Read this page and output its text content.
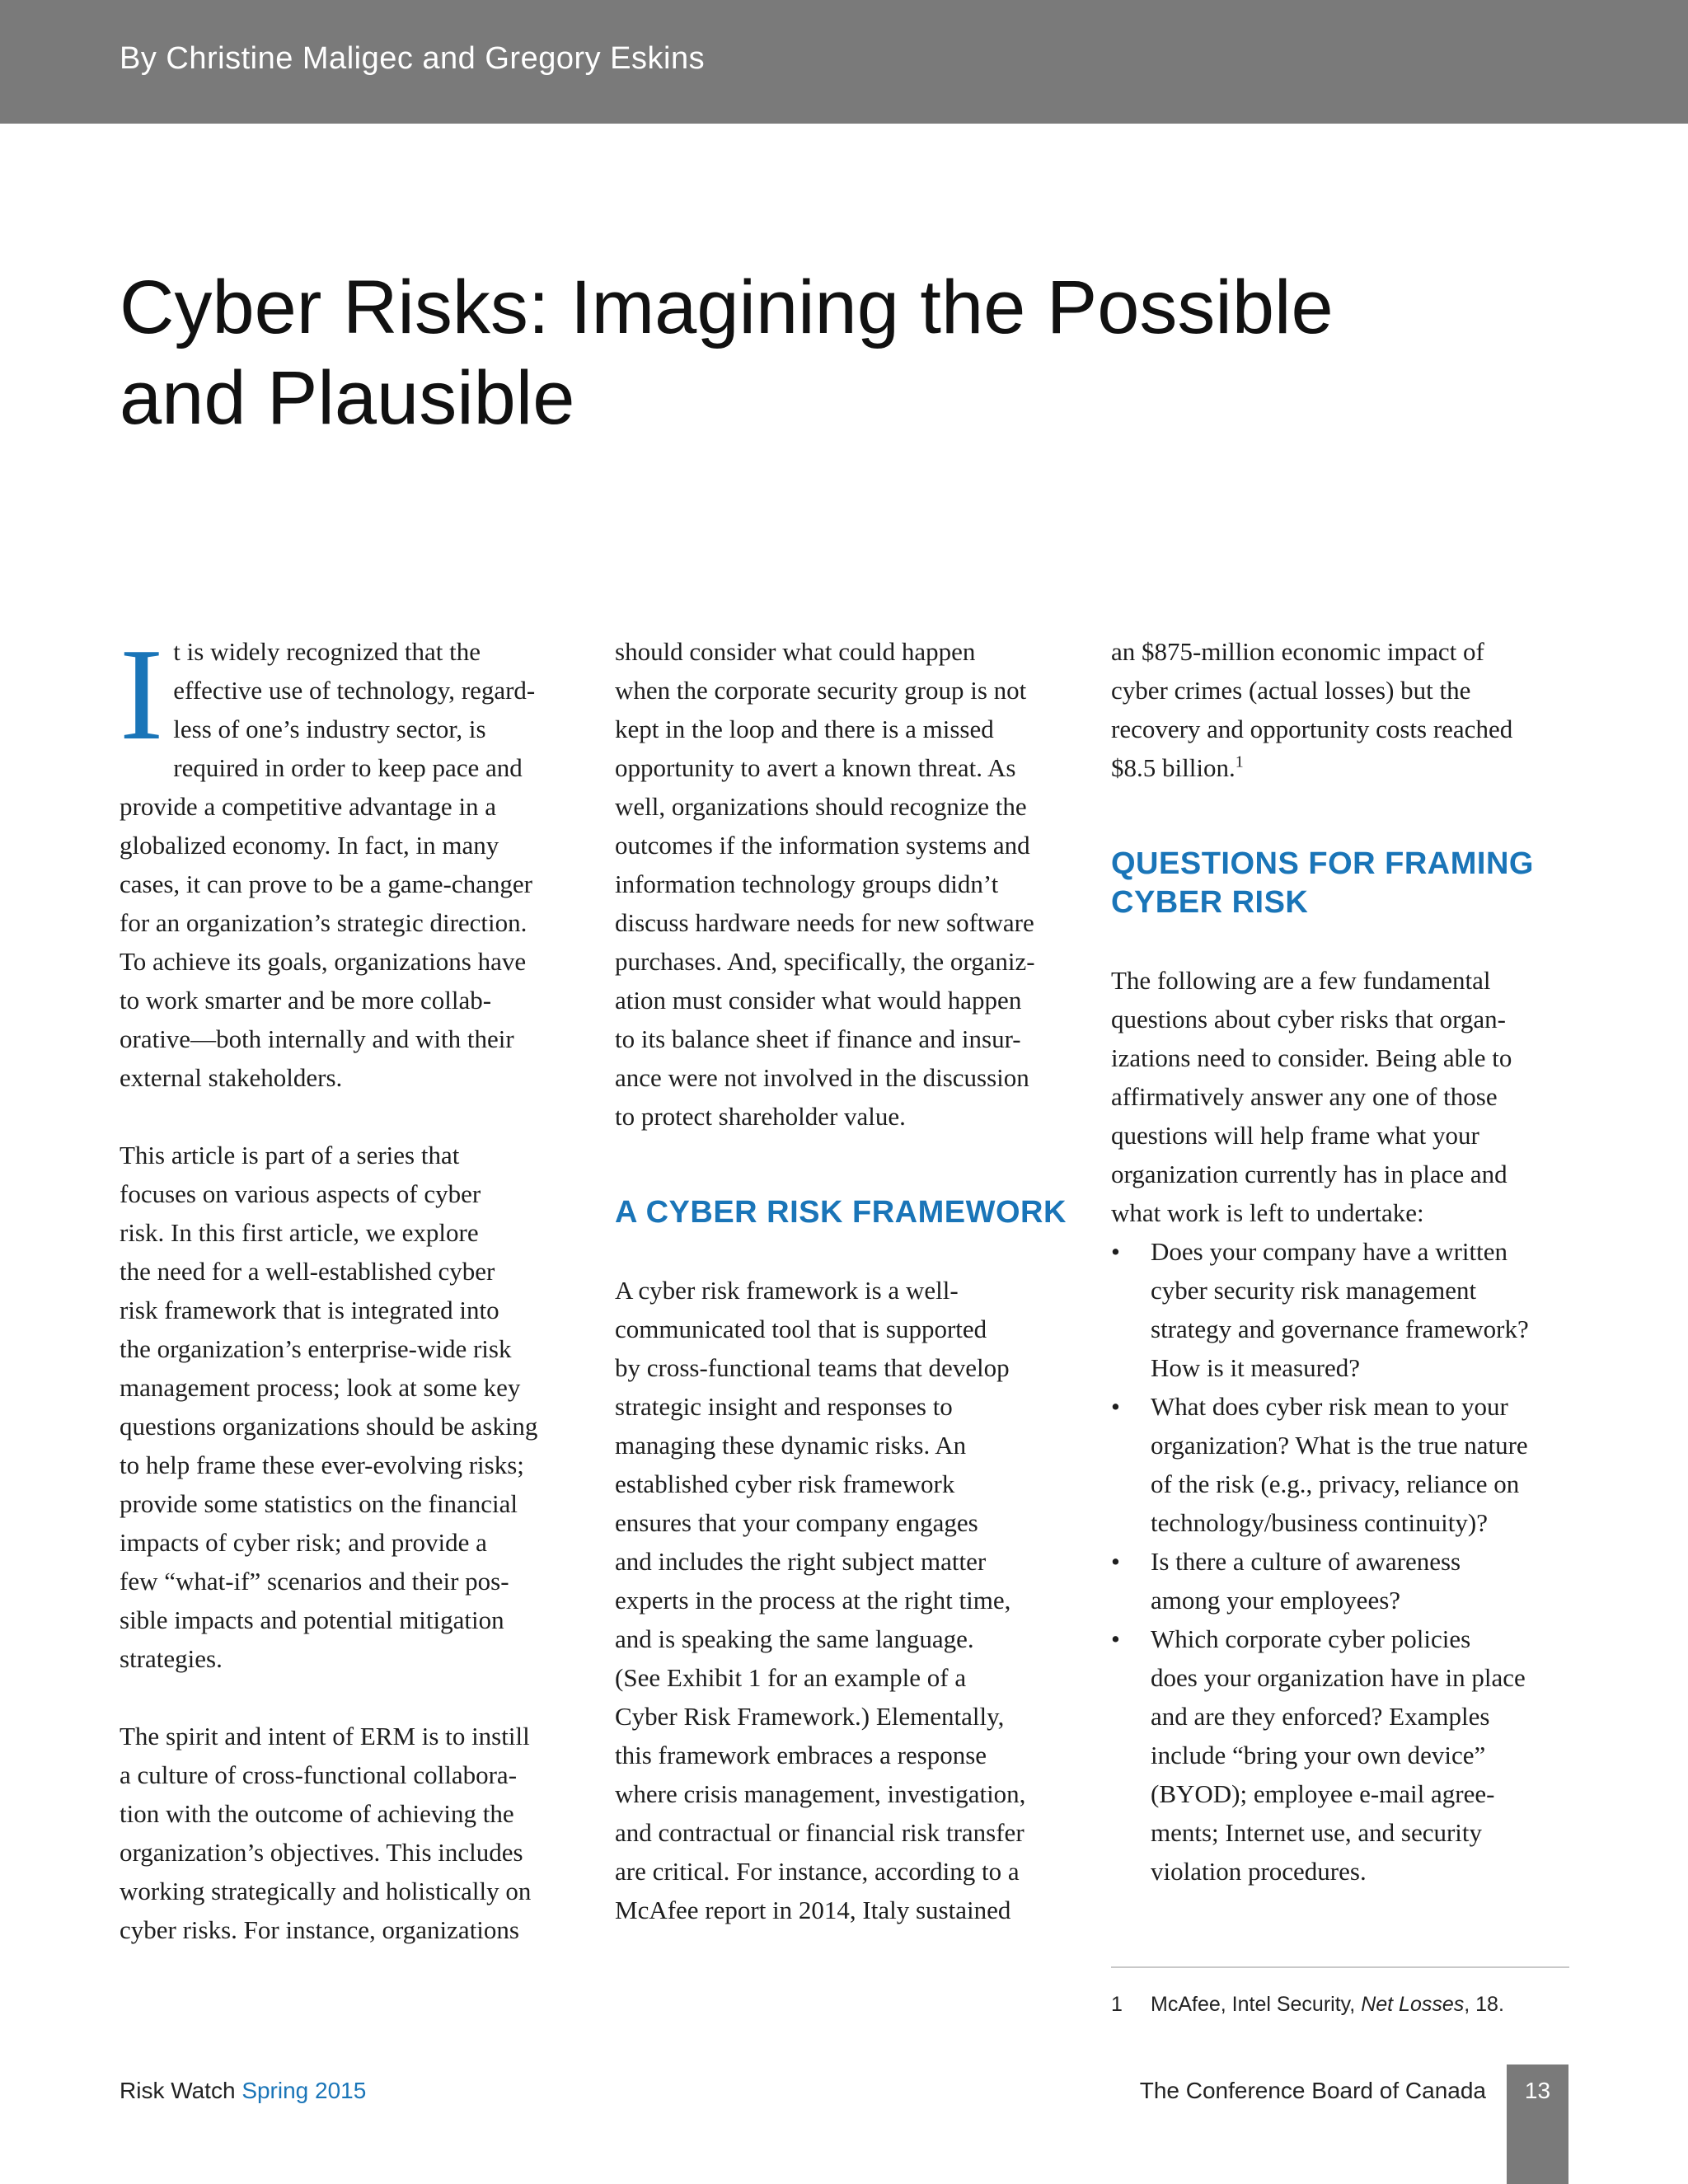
By Christine Maligec and Gregory Eskins
Cyber Risks: Imagining the Possible
and Plausible

I t is widely recognized that the
effective use of technology, regard-
less of one’s industry sector, is
required in order to keep pace and
provide a competitive advantage in a
globalized economy. In fact, in many
cases, it can prove to be a game-changer
for an organization’s strategic direction.
To achieve its goals, organizations have
to work smarter and be more collab-
orative—both internally and with their
external stakeholders.

This article is part of a series that
focuses on various aspects of cyber
risk. In this first article, we explore
the need for a well-established cyber
risk framework that is integrated into
the organization’s enterprise-wide risk
management process; look at some key
questions organizations should be asking
to help frame these ever-evolving risks;
provide some statistics on the financial
impacts of cyber risk; and provide a
few “what-if” scenarios and their pos-
sible impacts and potential mitigation
strategies.

The spirit and intent of ERM is to instill
a culture of cross-functional collabora-
tion with the outcome of achieving the
organization’s objectives. This includes
working strategically and holistically on
cyber risks. For instance, organizations

should consider what could happen
when the corporate security group is not
kept in the loop and there is a missed
opportunity to avert a known threat. As
well, organizations should recognize the
outcomes if the information systems and
information technology groups didn’t
discuss hardware needs for new software
purchases. And, specifically, the organiz-
ation must consider what would happen
to its balance sheet if finance and insur-
ance were not involved in the discussion
to protect shareholder value.

A CYBER RISK FRAMEWORK

A cyber risk framework is a well-
communicated tool that is supported
by cross-functional teams that develop
strategic insight and responses to
managing these dynamic risks. An
established cyber risk framework
ensures that your company engages
and includes the right subject matter
experts in the process at the right time,
and is speaking the same language.
(See Exhibit 1 for an example of a
Cyber Risk Framework.) Elementally,
this framework embraces a response
where crisis management, investigation,
and contractual or financial risk transfer
are critical. For instance, according to a
McAfee report in 2014, Italy sustained

an $875-million economic impact of
cyber crimes (actual losses) but the
recovery and opportunity costs reached
$8.5 billion.$^1$

QUESTIONS FOR FRAMING
CYBER RISK

The following are a few fundamental
questions about cyber risks that organ-
izations need to consider. Being able to
affirmatively answer any one of those
questions will help frame what your
organization currently has in place and
what work is left to undertake:

•	Does your company have a written
cyber security risk management
strategy and governance framework?
How is it measured?
•	What does cyber risk mean to your
organization? What is the true nature
of the risk (e.g., privacy, reliance on
technology/business continuity)?
•	Is there a culture of awareness
among your employees?
•	Which corporate cyber policies
does your organization have in place
and are they enforced? Examples
include “bring your own device”
(BYOD); employee e-mail agree-
ments; Internet use, and security
violation procedures.
1 McAfee, Intel Security, Net Losses, 18.
Risk Watch Spring 2015	The Conference Board of Canada	13
